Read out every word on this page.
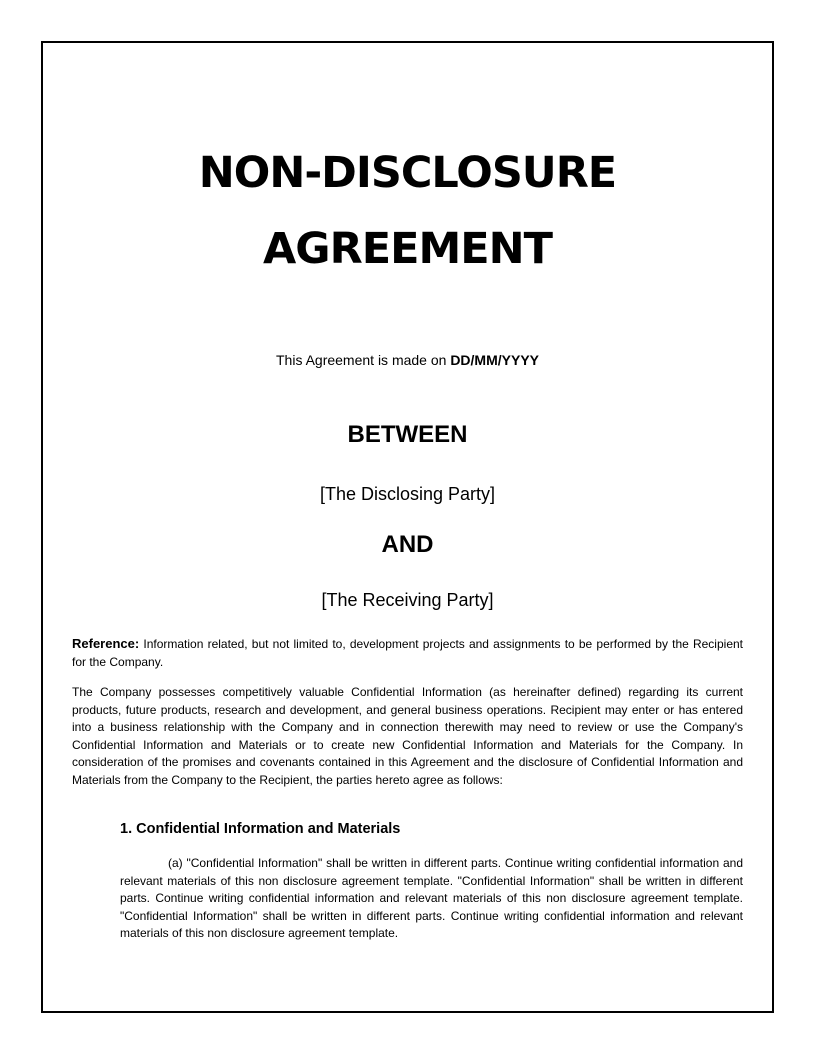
NON-DISCLOSURE
AGREEMENT
This Agreement is made on DD/MM/YYYY
BETWEEN
[The Disclosing Party]
AND
[The Receiving Party]

Reference: Information related, but not limited to, development projects and assignments to be performed by the Recipient for the Company.

The Company possesses competitively valuable Confidential Information (as hereinafter defined) regarding its current products, future products, research and development, and general business operations. Recipient may enter or has entered into a business relationship with the Company and in connection therewith may need to review or use the Company's Confidential Information and Materials or to create new Confidential Information and Materials for the Company. In consideration of the promises and covenants contained in this Agreement and the disclosure of Confidential Information and Materials from the Company to the Recipient, the parties hereto agree as follows:

1. Confidential Information and Materials

(a) "Confidential Information" shall be written in different parts. Continue writing confidential information and relevant materials of this non disclosure agreement template. "Confidential Information" shall be written in different parts. Continue writing confidential information and relevant materials of this non disclosure agreement template. "Confidential Information" shall be written in different parts. Continue writing confidential information and relevant materials of this non disclosure agreement template.
